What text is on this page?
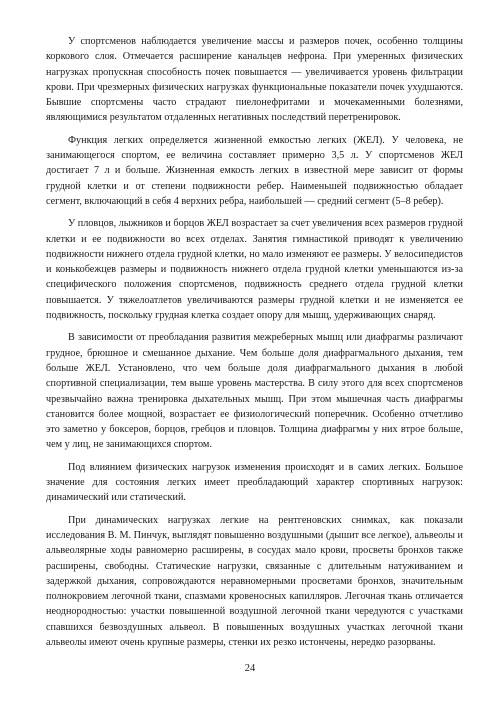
У спортсменов наблюдается увеличение массы и размеров почек, особенно толщины коркового слоя. Отмечается расширение канальцев нефрона. При умеренных физических нагрузках пропускная способность почек повышается — увеличивается уровень фильтрации крови. При чрезмерных физических нагрузках функциональные показатели почек ухудшаются. Бывшие спортсмены часто страдают пиелонефритами и мочекаменными болезнями, являющимися результатом отдаленных негативных последствий перетренировок.

Функция легких определяется жизненной емкостью легких (ЖЕЛ). У человека, не занимающегося спортом, ее величина составляет примерно 3,5 л. У спортсменов ЖЕЛ достигает 7 л и больше. Жизненная емкость легких в известной мере зависит от формы грудной клетки и от степени подвижности ребер. Наименьшей подвижностью обладает сегмент, включающий в себя 4 верхних ребра, наибольшей — средний сегмент (5–8 ребер).

У пловцов, лыжников и борцов ЖЕЛ возрастает за счет увеличения всех размеров грудной клетки и ее подвижности во всех отделах. Занятия гимнастикой приводят к увеличению подвижности нижнего отдела грудной клетки, но мало изменяют ее размеры. У велосипедистов и конькобежцев размеры и подвижность нижнего отдела грудной клетки уменьшаются из-за специфического положения спортсменов, подвижность среднего отдела грудной клетки повышается. У тяжелоатлетов увеличиваются размеры грудной клетки и не изменяется ее подвижность, поскольку грудная клетка создает опору для мышц, удерживающих снаряд.

В зависимости от преобладания развития межреберных мышц или диафрагмы различают грудное, брюшное и смешанное дыхание. Чем больше доля диафрагмального дыхания, тем больше ЖЕЛ. Установлено, что чем больше доля диафрагмального дыхания в любой спортивной специализации, тем выше уровень мастерства. В силу этого для всех спортсменов чрезвычайно важна тренировка дыхательных мышц. При этом мышечная часть диафрагмы становится более мощной, возрастает ее физиологический поперечник. Особенно отчетливо это заметно у боксеров, борцов, гребцов и пловцов. Толщина диафрагмы у них втрое больше, чем у лиц, не занимающихся спортом.

Под влиянием физических нагрузок изменения происходят и в самих легких. Большое значение для состояния легких имеет преобладающий характер спортивных нагрузок: динамический или статический.

При динамических нагрузках легкие на рентгеновских снимках, как показали исследования В. М. Пинчук, выглядят повышенно воздушными (дышит все легкое), альвеолы и альвеолярные ходы равномерно расширены, в сосудах мало крови, просветы бронхов также расширены, свободны. Статические нагрузки, связанные с длительным натуживанием и задержкой дыхания, сопровождаются неравномерными просветами бронхов, значительным полнокровием легочной ткани, спазмами кровеносных капилляров. Легочная ткань отличается неоднородностью: участки повышенной воздушной легочной ткани чередуются с участками спавшихся безвоздушных альвеол. В повышенных воздушных участках легочной ткани альвеолы имеют очень крупные размеры, стенки их резко истончены, нередко разорваны.

24
